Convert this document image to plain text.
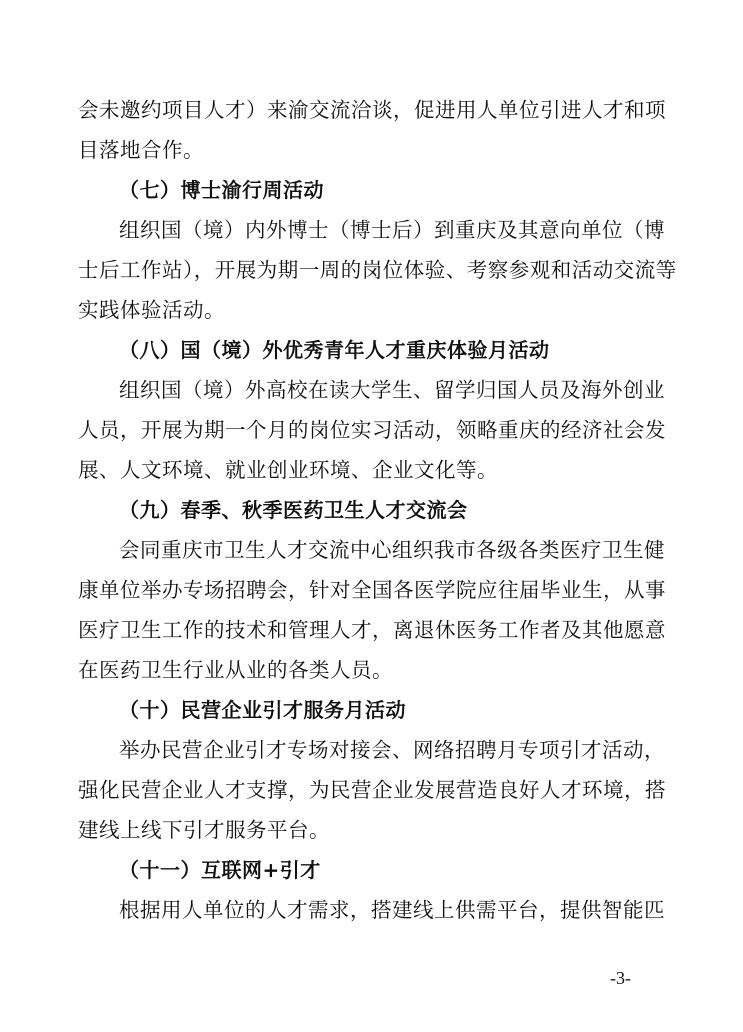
会未邀约项目人才）来渝交流洽谈，促进用人单位引进人才和项
目落地合作。
（七）博士渝行周活动
组织国（境）内外博士（博士后）到重庆及其意向单位（博
士后工作站），开展为期一周的岗位体验、考察参观和活动交流等
实践体验活动。
（八）国（境）外优秀青年人才重庆体验月活动
组织国（境）外高校在读大学生、留学归国人员及海外创业
人员，开展为期一个月的岗位实习活动，领略重庆的经济社会发
展、人文环境、就业创业环境、企业文化等。
（九）春季、秋季医药卫生人才交流会
会同重庆市卫生人才交流中心组织我市各级各类医疗卫生健
康单位举办专场招聘会，针对全国各医学院应往届毕业生，从事
医疗卫生工作的技术和管理人才，离退休医务工作者及其他愿意
在医药卫生行业从业的各类人员。
（十）民营企业引才服务月活动
举办民营企业引才专场对接会、网络招聘月专项引才活动，
强化民营企业人才支撑，为民营企业发展营造良好人才环境，搭
建线上线下引才服务平台。
（十一）互联网+引才
根据用人单位的人才需求，搭建线上供需平台，提供智能匹
-3-
